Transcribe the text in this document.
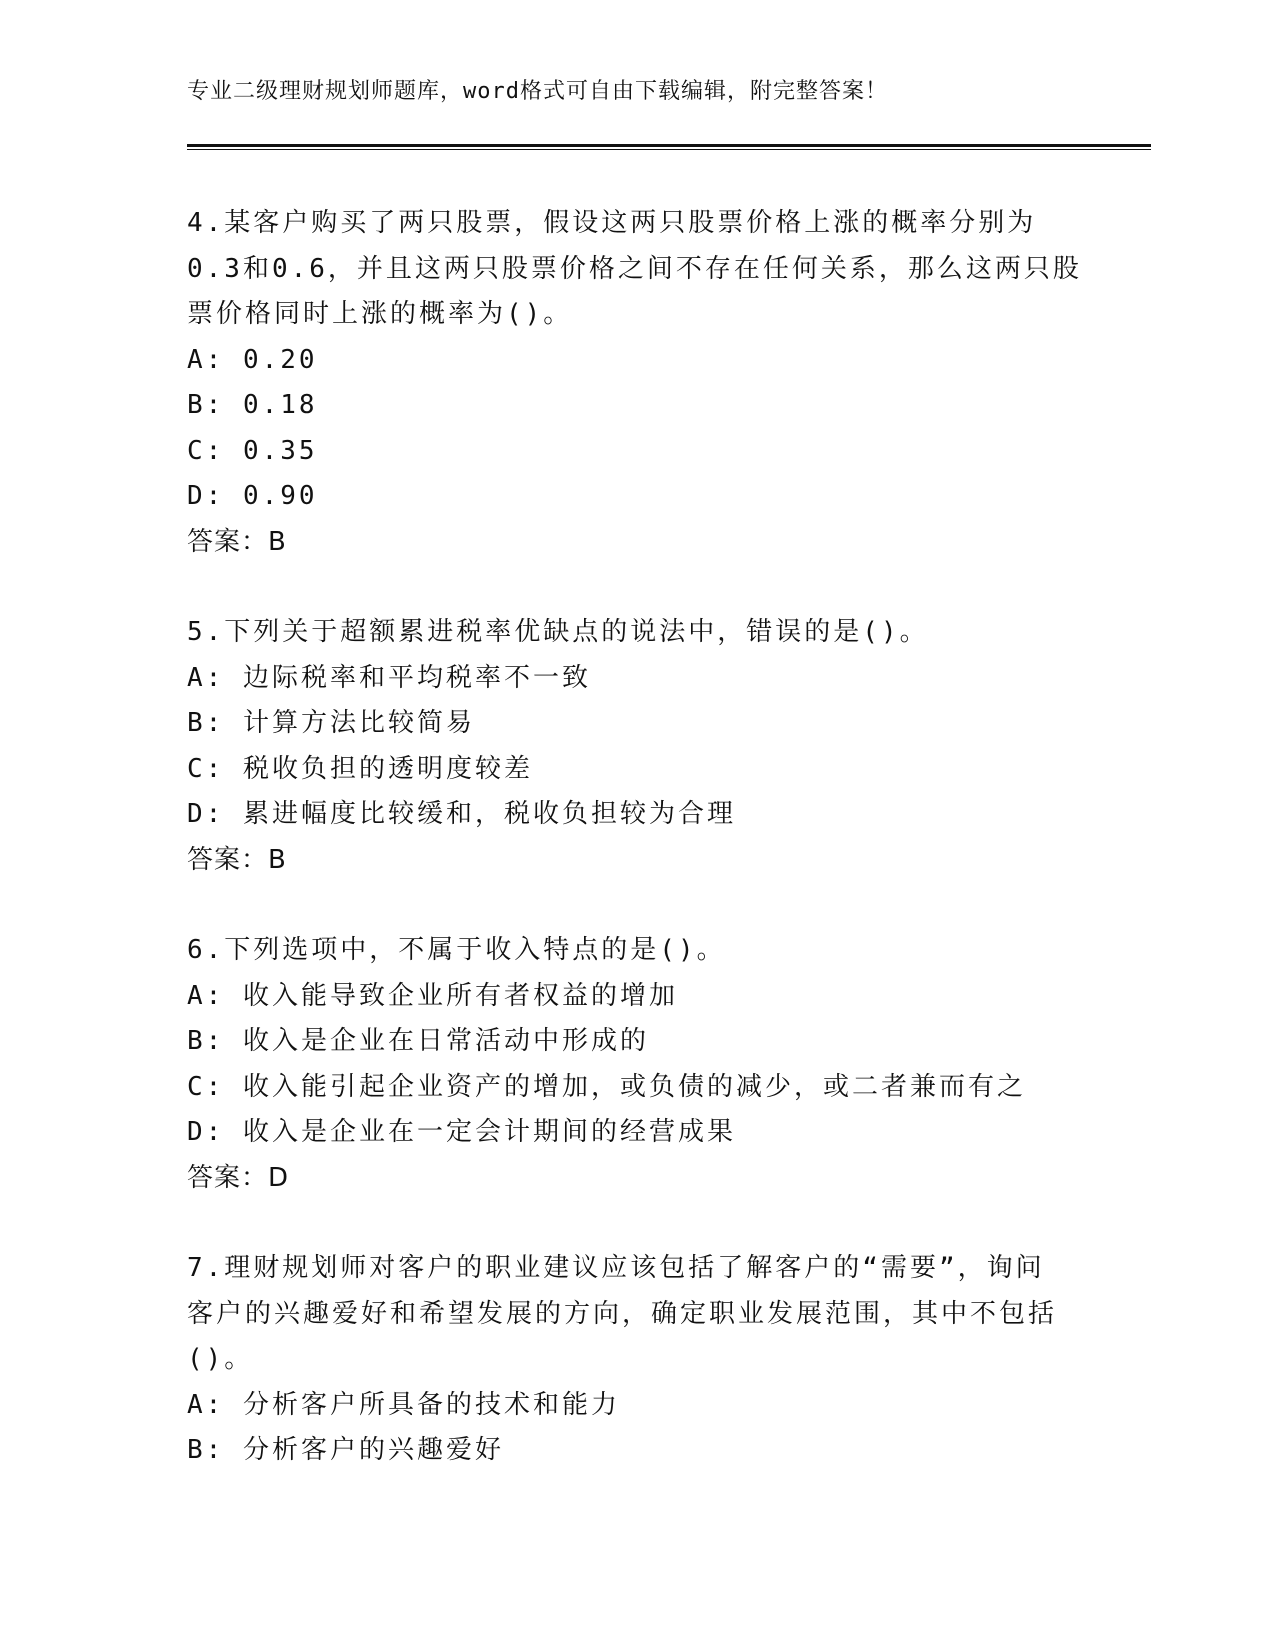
专业二级理财规划师题库，word格式可自由下载编辑，附完整答案！
4.某客户购买了两只股票，假设这两只股票价格上涨的概率分别为
0.3和0.6，并且这两只股票价格之间不存在任何关系，那么这两只股
票价格同时上涨的概率为()。
A: 0.20
B: 0.18
C: 0.35
D: 0.90
答案：B
5.下列关于超额累进税率优缺点的说法中，错误的是()。
A: 边际税率和平均税率不一致
B: 计算方法比较简易
C: 税收负担的透明度较差
D: 累进幅度比较缓和，税收负担较为合理
答案：B
6.下列选项中，不属于收入特点的是()。
A: 收入能导致企业所有者权益的增加
B: 收入是企业在日常活动中形成的
C: 收入能引起企业资产的增加，或负债的减少，或二者兼而有之
D: 收入是企业在一定会计期间的经营成果
答案：D
7.理财规划师对客户的职业建议应该包括了解客户的“需要”，询问
客户的兴趣爱好和希望发展的方向，确定职业发展范围，其中不包括
()。
A: 分析客户所具备的技术和能力
B: 分析客户的兴趣爱好
